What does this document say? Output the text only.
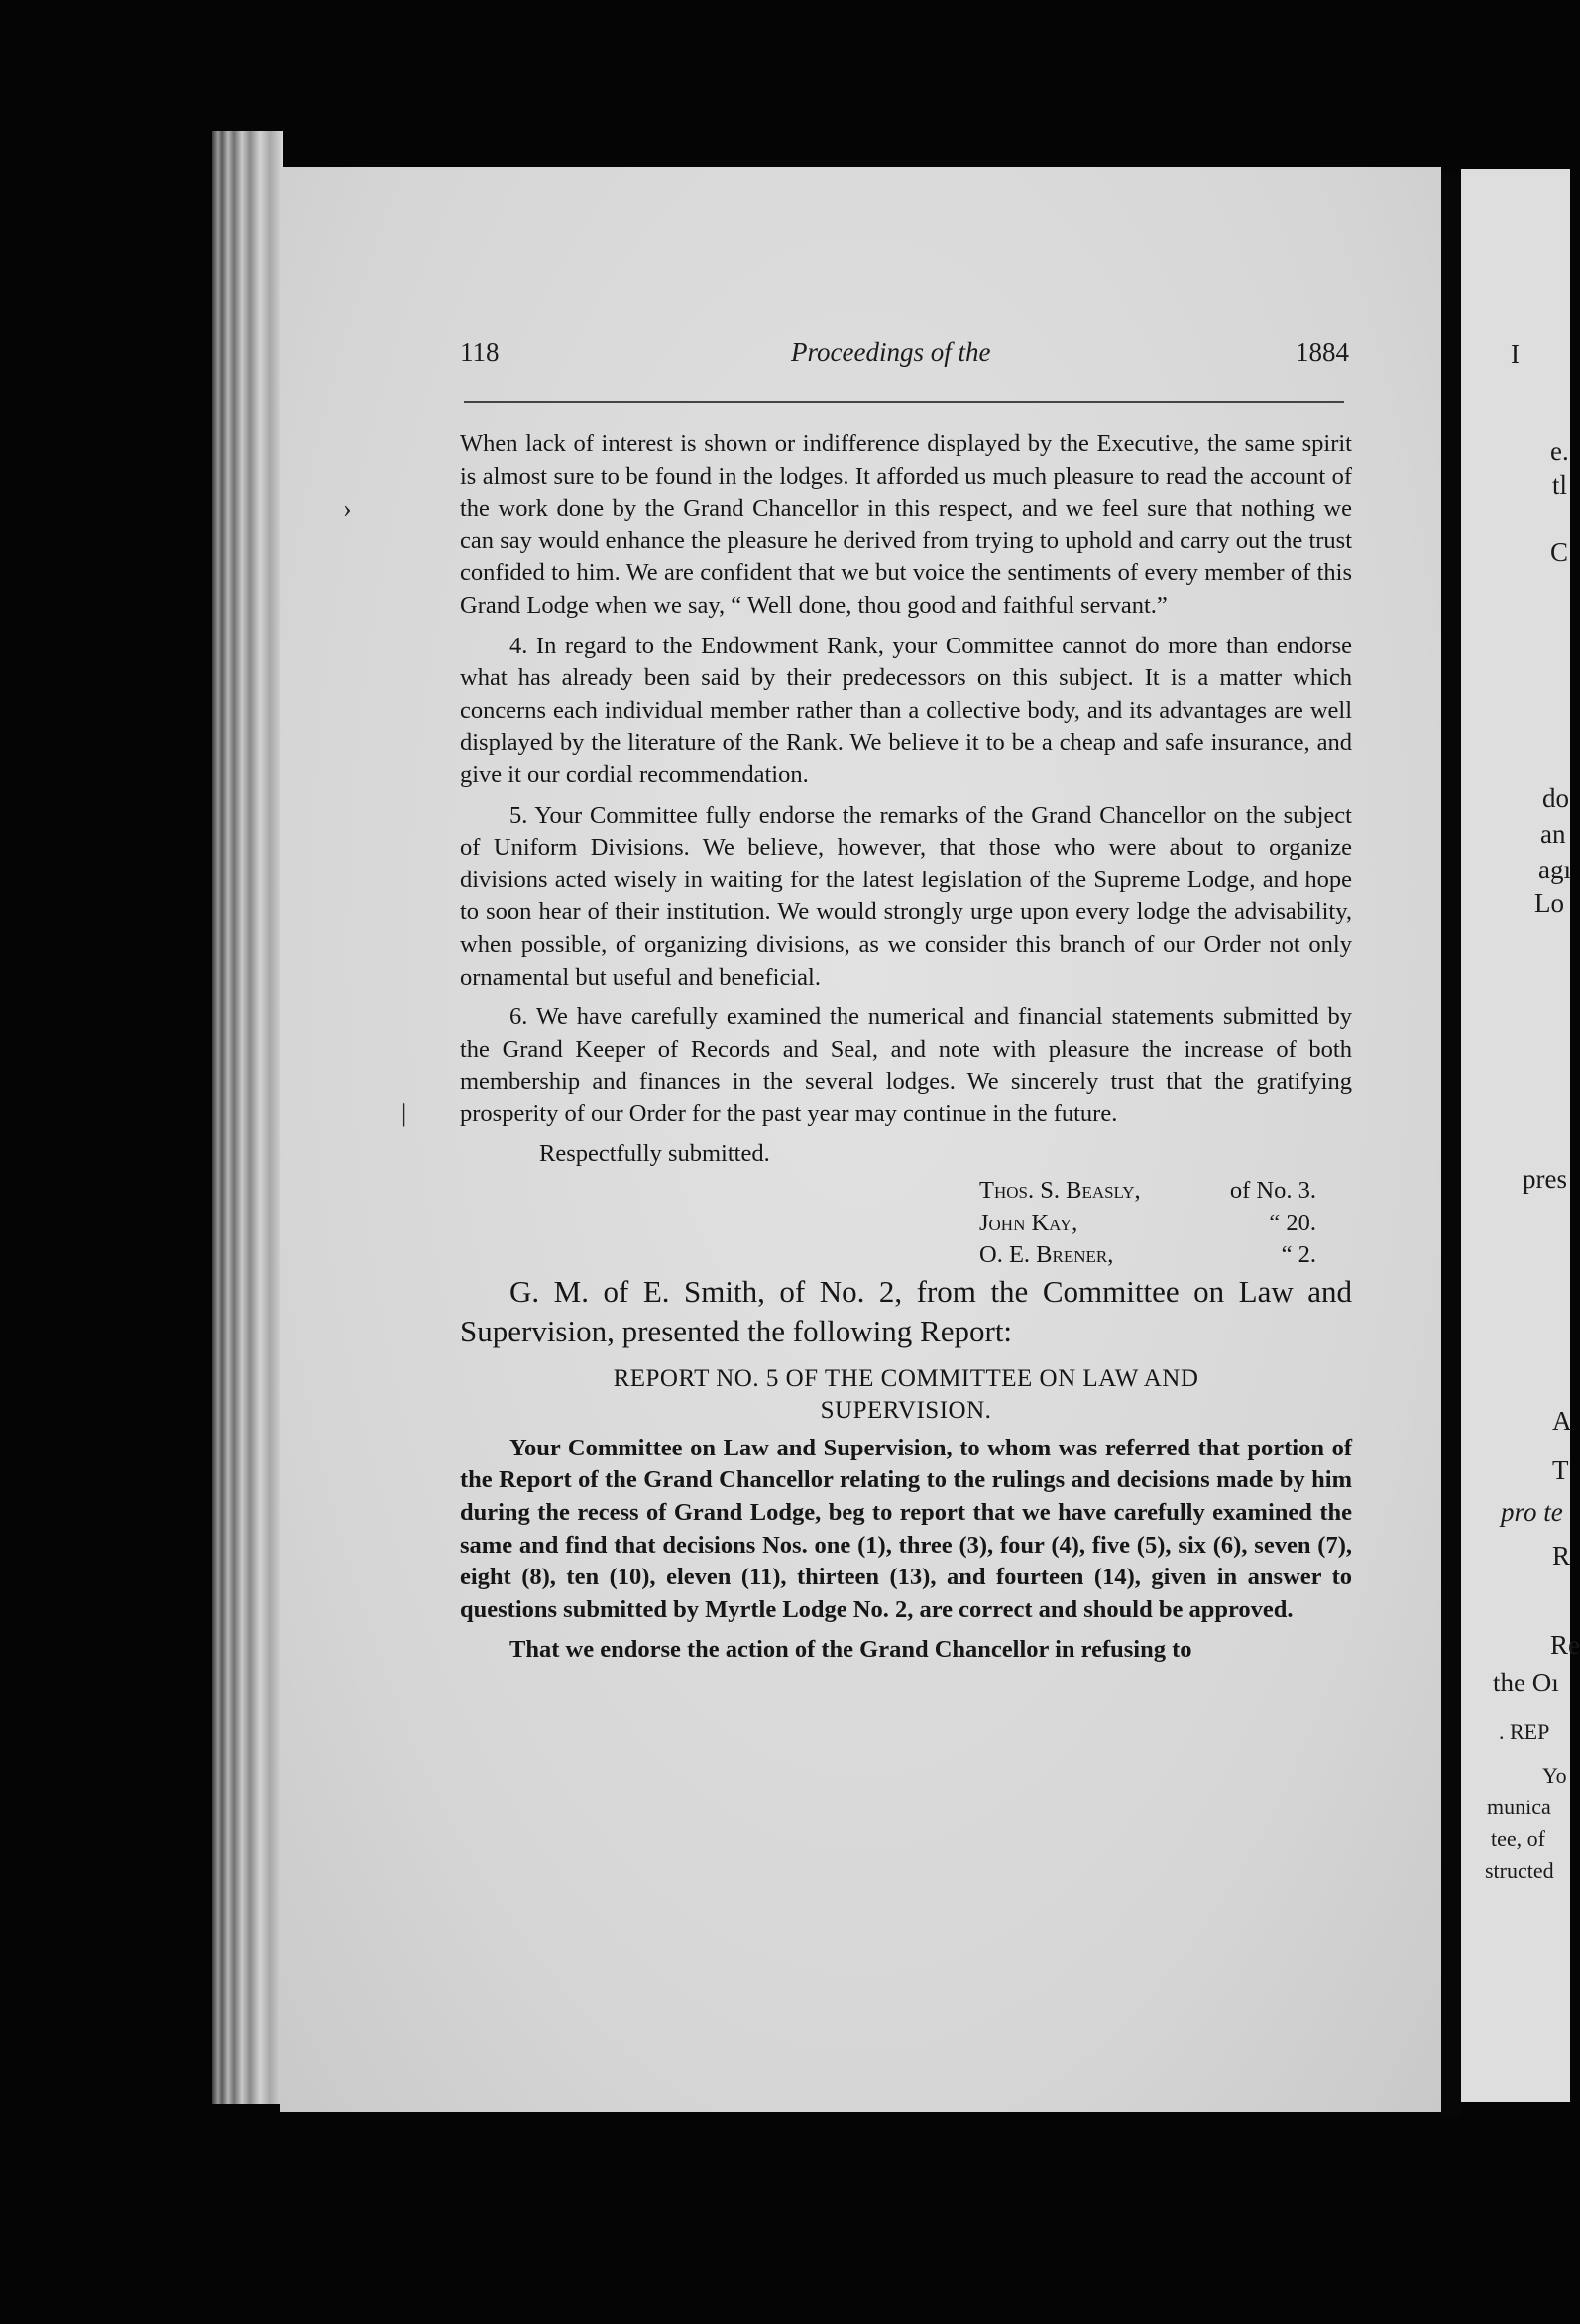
I
e.
tl
C
do
an
agı
Lo
pres
A
T
pro te
R
Re
the Oı
. REP
Yo
munica
tee, of
structed
118	Proceedings of the	1884
›
|

When lack of interest is shown or indifference displayed by the Executive, the same spirit is almost sure to be found in the lodges. It afforded us much pleasure to read the account of the work done by the Grand Chancellor in this respect, and we feel sure that nothing we can say would enhance the pleasure he derived from trying to uphold and carry out the trust confided to him. We are confident that we but voice the sentiments of every member of this Grand Lodge when we say, “ Well done, thou good and faithful servant.”

4. In regard to the Endowment Rank, your Committee cannot do more than endorse what has already been said by their predecessors on this subject. It is a matter which concerns each individual member rather than a collective body, and its advantages are well displayed by the literature of the Rank. We believe it to be a cheap and safe insurance, and give it our cordial recommendation.

5. Your Committee fully endorse the remarks of the Grand Chancellor on the subject of Uniform Divisions. We believe, however, that those who were about to organize divisions acted wisely in waiting for the latest legislation of the Supreme Lodge, and hope to soon hear of their institution. We would strongly urge upon every lodge the advisability, when possible, of organizing divisions, as we consider this branch of our Order not only ornamental but useful and beneficial.

6. We have carefully examined the numerical and financial statements submitted by the Grand Keeper of Records and Seal, and note with pleasure the increase of both membership and finances in the several lodges. We sincerely trust that the gratifying prosperity of our Order for the past year may continue in the future.

Respectfully submitted.
Thos. S. Beasly,	of No. 3.
John Kay,	“ 20.
O. E. Brener,	“ 2.

G. M. of E. Smith, of No. 2, from the Committee on Law and Supervision, presented the following Report:

REPORT NO. 5 OF THE COMMITTEE ON LAW AND
SUPERVISION.

Your Committee on Law and Supervision, to whom was referred that portion of the Report of the Grand Chancellor relating to the rulings and decisions made by him during the recess of Grand Lodge, beg to report that we have carefully examined the same and find that decisions Nos. one (1), three (3), four (4), five (5), six (6), seven (7), eight (8), ten (10), eleven (11), thirteen (13), and fourteen (14), given in answer to questions submitted by Myrtle Lodge No. 2, are correct and should be approved.

That we endorse the action of the Grand Chancellor in refusing to
